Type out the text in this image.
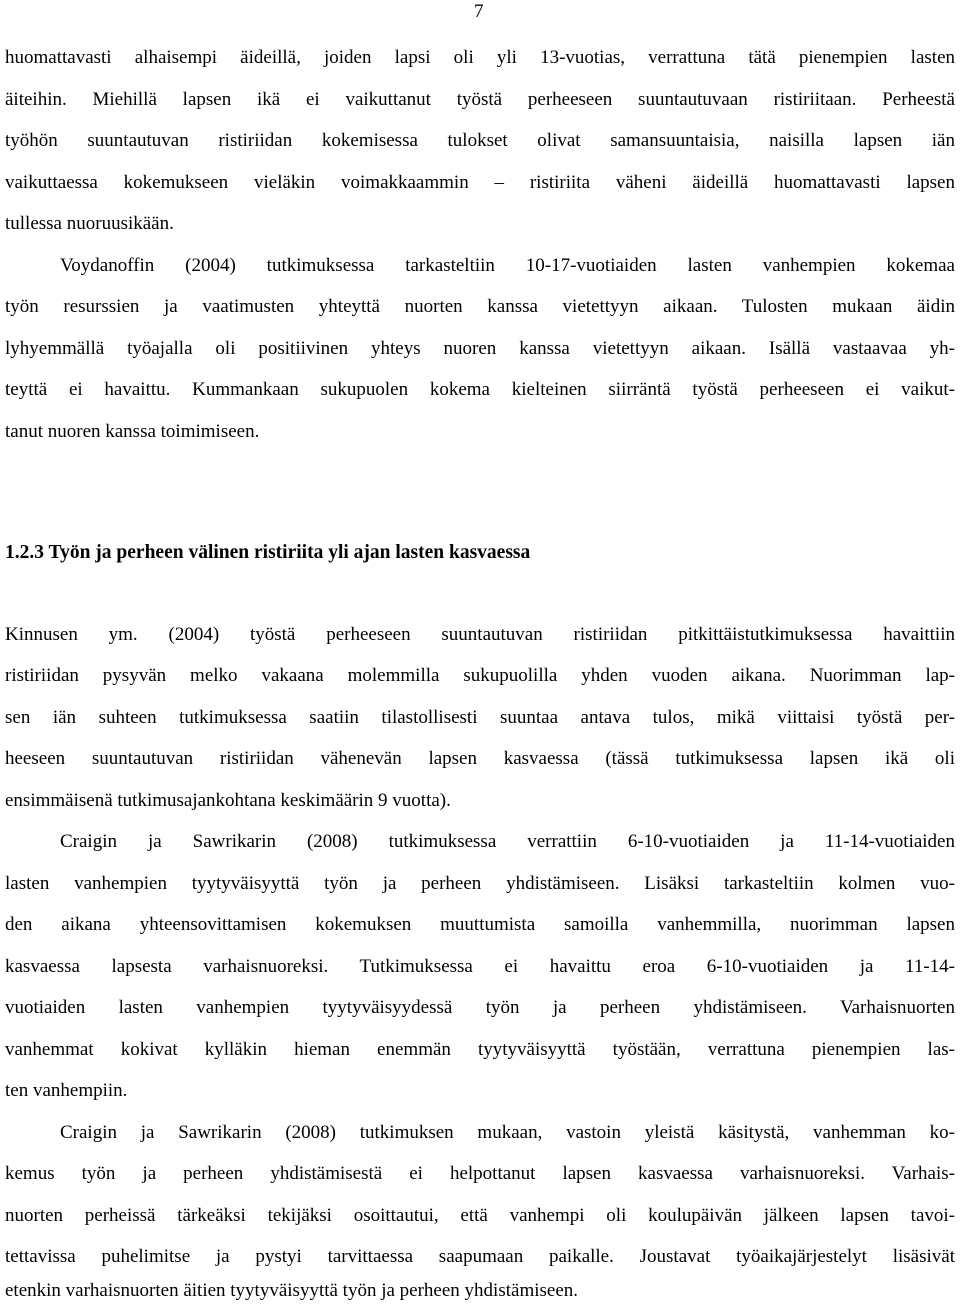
7
huomattavasti alhaisempi äideillä, joiden lapsi oli yli 13-vuotias, verrattuna tätä pienempien lasten
äiteihin. Miehillä lapsen ikä ei vaikuttanut työstä perheeseen suuntautuvaan ristiriitaan. Perheestä
työhön suuntautuvan ristiriidan kokemisessa tulokset olivat samansuuntaisia, naisilla lapsen iän
vaikuttaessa kokemukseen vieläkin voimakkaammin – ristiriita väheni äideillä huomattavasti lapsen
tullessa nuoruusikään.
Voydanoffin (2004) tutkimuksessa tarkasteltiin 10-17-vuotiaiden lasten vanhempien kokemaa
työn resurssien ja vaatimusten yhteyttä nuorten kanssa vietettyyn aikaan. Tulosten mukaan äidin
lyhyemmällä työajalla oli positiivinen yhteys nuoren kanssa vietettyyn aikaan. Isällä vastaavaa yh-
teyttä ei havaittu. Kummankaan sukupuolen kokema kielteinen siirräntä työstä perheeseen ei vaikut-
tanut nuoren kanssa toimimiseen.
1.2.3 Työn ja perheen välinen ristiriita yli ajan lasten kasvaessa
Kinnusen ym. (2004) työstä perheeseen suuntautuvan ristiriidan pitkittäistutkimuksessa havaittiin
ristiriidan pysyvän melko vakaana molemmilla sukupuolilla yhden vuoden aikana. Nuorimman lap-
sen iän suhteen tutkimuksessa saatiin tilastollisesti suuntaa antava tulos, mikä viittaisi työstä per-
heeseen suuntautuvan ristiriidan vähenevän lapsen kasvaessa (tässä tutkimuksessa lapsen ikä oli
ensimmäisenä tutkimusajankohtana keskimäärin 9 vuotta).
Craigin ja Sawrikarin (2008) tutkimuksessa verrattiin 6-10-vuotiaiden ja 11-14-vuotiaiden
lasten vanhempien tyytyväisyyttä työn ja perheen yhdistämiseen. Lisäksi tarkasteltiin kolmen vuo-
den aikana yhteensovittamisen kokemuksen muuttumista samoilla vanhemmilla, nuorimman lapsen
kasvaessa lapsesta varhaisnuoreksi. Tutkimuksessa ei havaittu eroa 6-10-vuotiaiden ja 11-14-
vuotiaiden lasten vanhempien tyytyväisyydessä työn ja perheen yhdistämiseen. Varhaisnuorten
vanhemmat kokivat kylläkin hieman enemmän tyytyväisyyttä työstään, verrattuna pienempien las-
ten vanhempiin.
Craigin ja Sawrikarin (2008) tutkimuksen mukaan, vastoin yleistä käsitystä, vanhemman ko-
kemus työn ja perheen yhdistämisestä ei helpottanut lapsen kasvaessa varhaisnuoreksi. Varhais-
nuorten perheissä tärkeäksi tekijäksi osoittautui, että vanhempi oli koulupäivän jälkeen lapsen tavoi-
tettavissa puhelimitse ja pystyi tarvittaessa saapumaan paikalle. Joustavat työaikajärjestelyt lisäsivät
etenkin varhaisnuorten äitien tyytyväisyyttä työn ja perheen yhdistämiseen.
